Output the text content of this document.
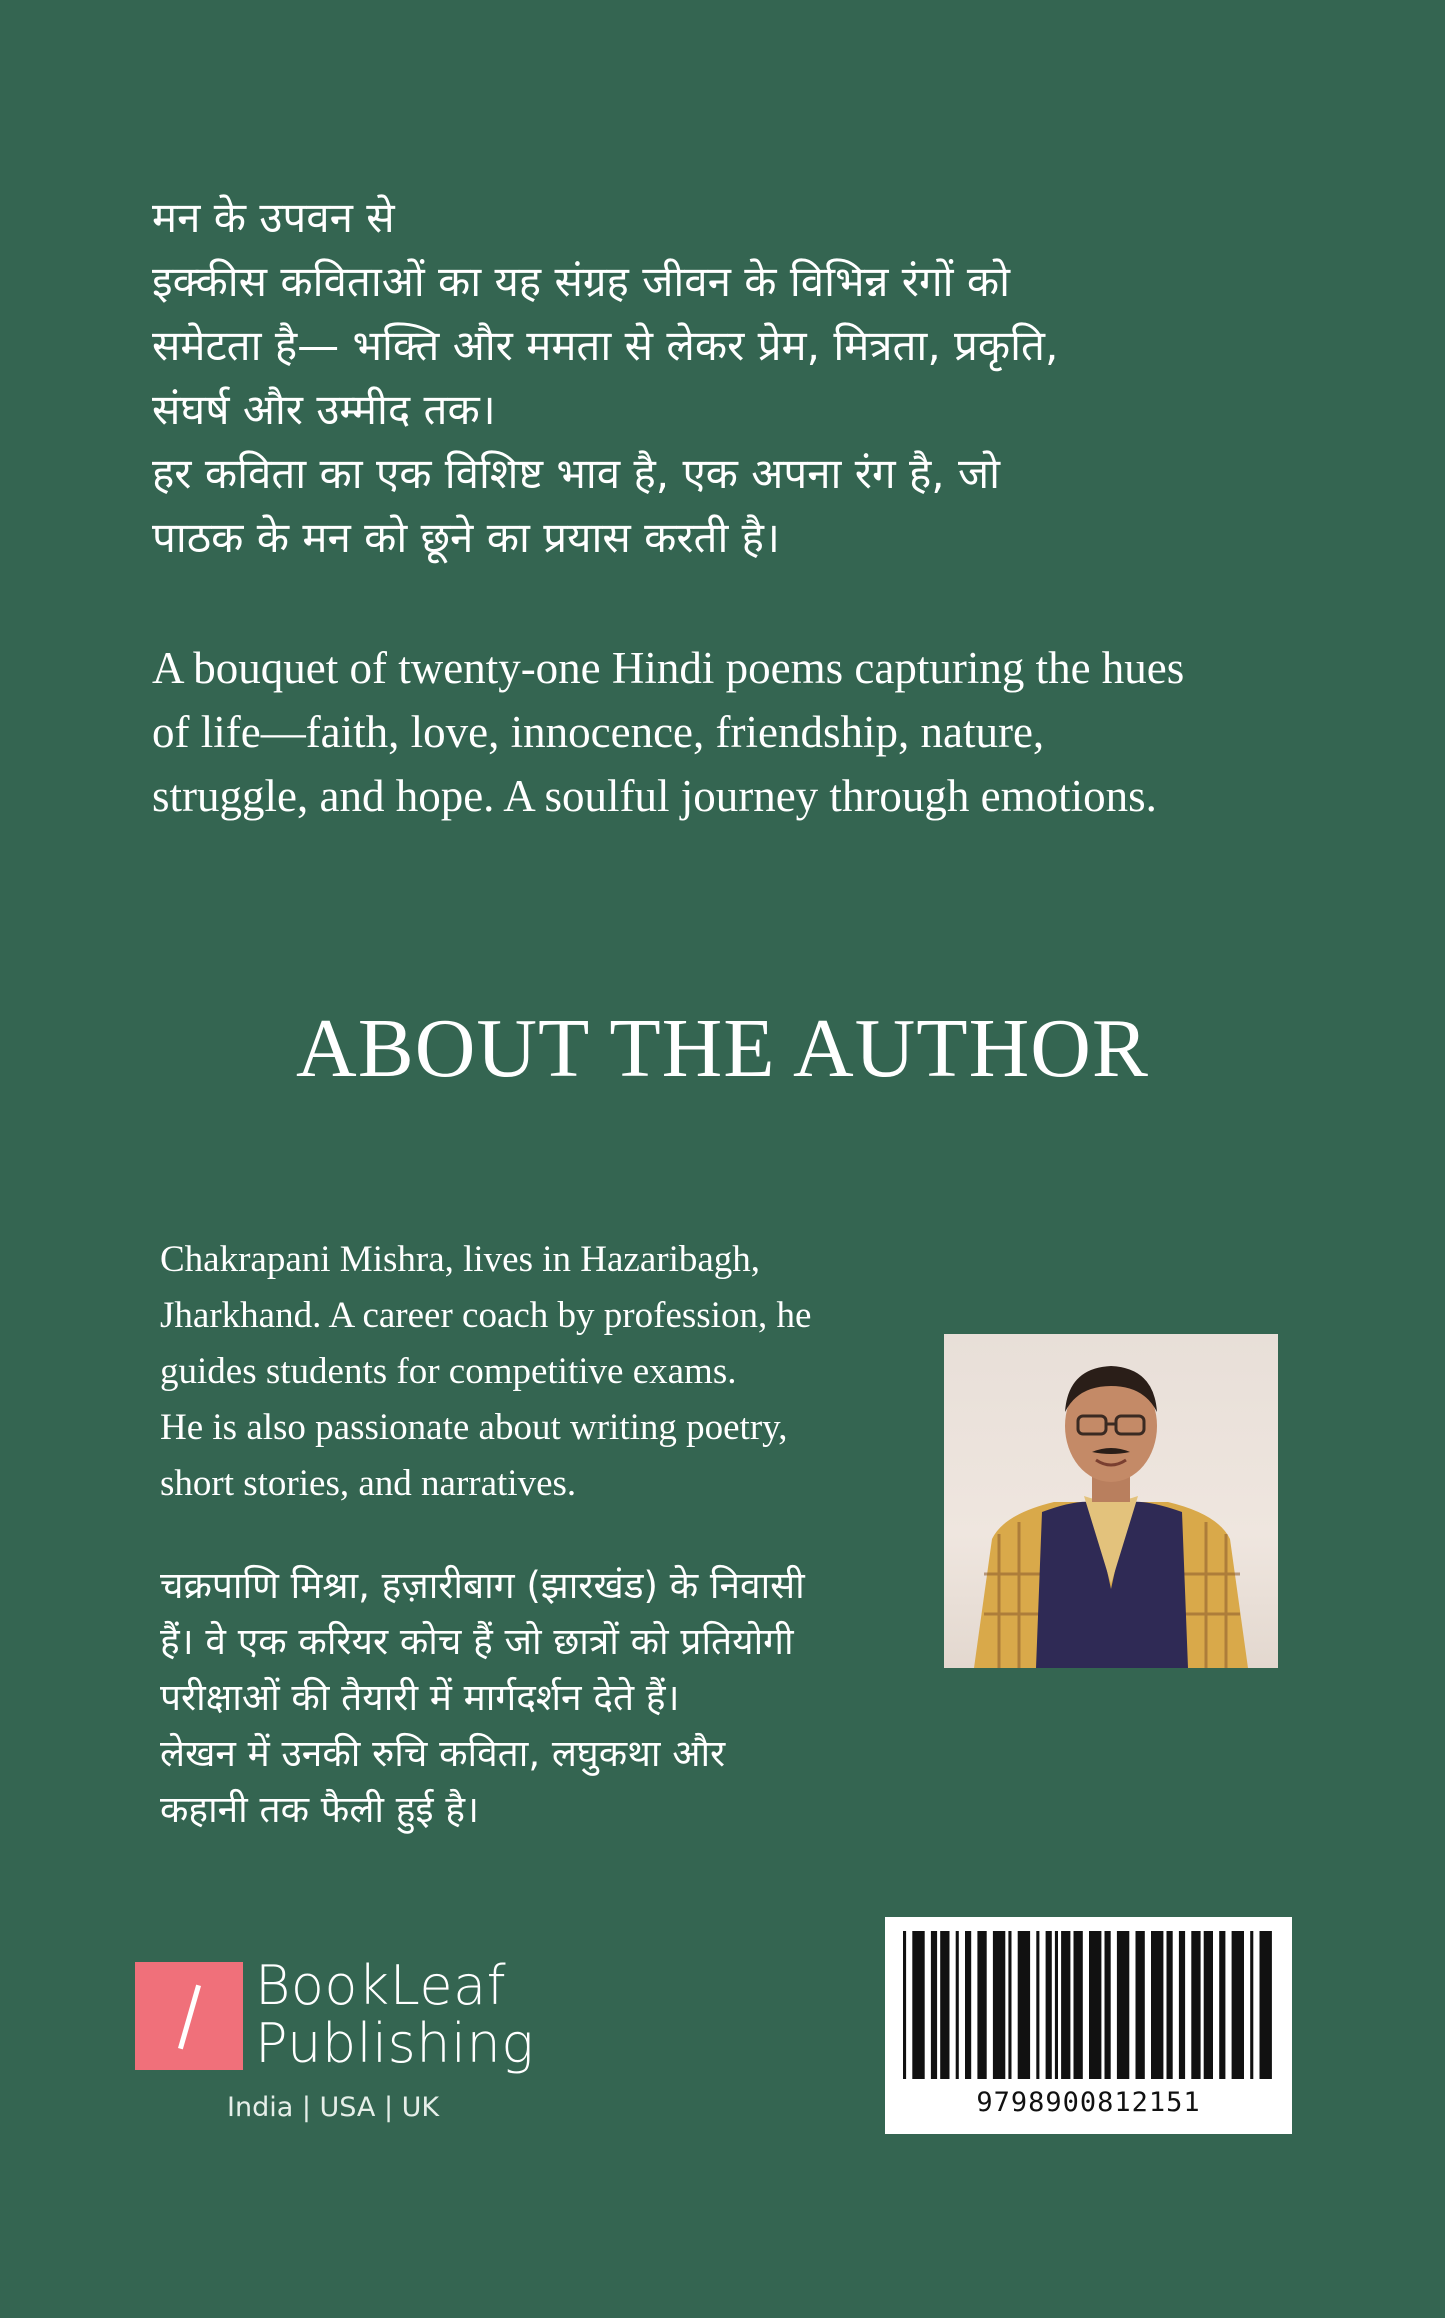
मन के उपवन से
इक्कीस कविताओं का यह संग्रह जीवन के विभिन्न रंगों को
समेटता है— भक्ति और ममता से लेकर प्रेम, मित्रता, प्रकृति,
संघर्ष और उम्मीद तक।
हर कविता का एक विशिष्ट भाव है, एक अपना रंग है, जो
पाठक के मन को छूने का प्रयास करती है।
A bouquet of twenty-one Hindi poems capturing the hues
of life—faith, love, innocence, friendship, nature,
struggle, and hope. A soulful journey through emotions.
ABOUT THE AUTHOR
Chakrapani Mishra, lives in Hazaribagh,
Jharkhand. A career coach by profession, he
guides students for competitive exams.
He is also passionate about writing poetry,
short stories, and narratives.
चक्रपाणि मिश्रा, हज़ारीबाग (झारखंड) के निवासी
हैं। वे एक करियर कोच हैं जो छात्रों को प्रतियोगी
परीक्षाओं की तैयारी में मार्गदर्शन देते हैं।
लेखन में उनकी रुचि कविता, लघुकथा और
कहानी तक फैली हुई है।
BookLeaf
Publishing
India | USA | UK	9798900812151
